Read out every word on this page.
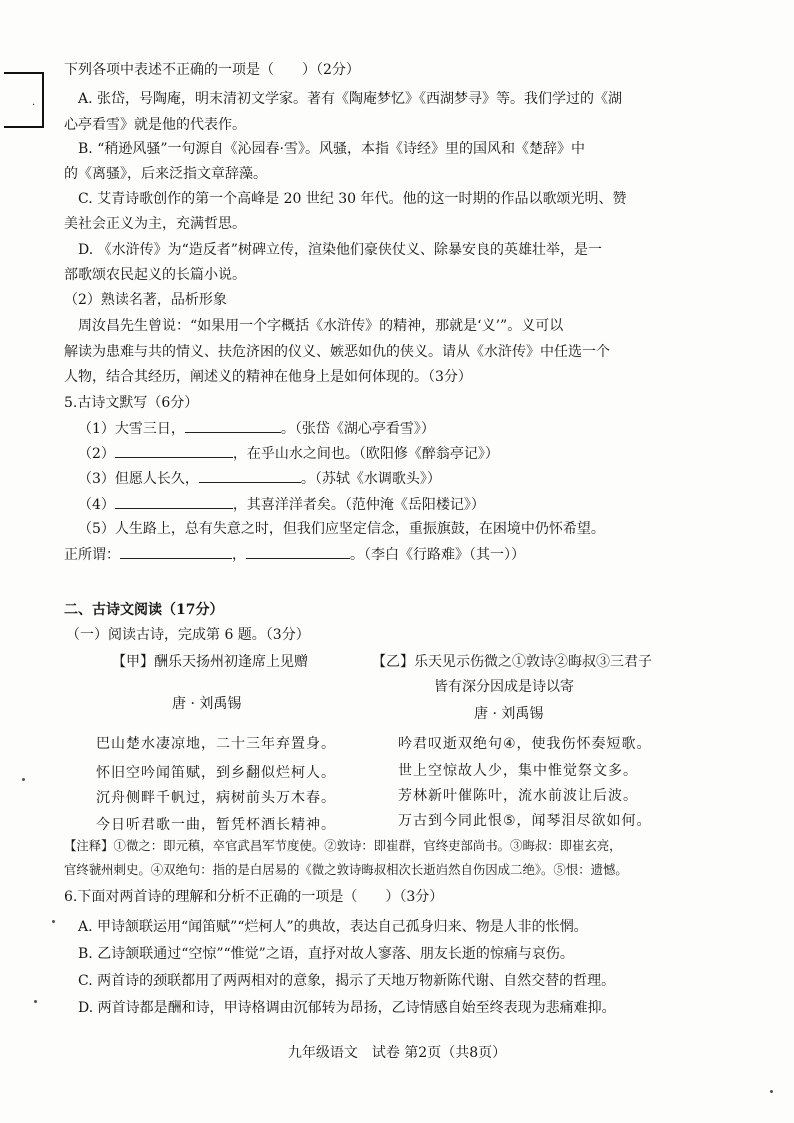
·
下列各项中表述不正确的一项是（　　）（2分）
A. 张岱，号陶庵，明末清初文学家。著有《陶庵梦忆》《西湖梦寻》等。我们学过的《湖
心亭看雪》就是他的代表作。
B. “稍逊风骚”一句源自《沁园春·雪》。风骚，本指《诗经》里的国风和《楚辞》中
的《离骚》，后来泛指文章辞藻。
C. 艾青诗歌创作的第一个高峰是 20 世纪 30 年代。他的这一时期的作品以歌颂光明、赞
美社会正义为主，充满哲思。
D. 《水浒传》为“造反者”树碑立传，渲染他们豪侠仗义、除暴安良的英雄壮举，是一
部歌颂农民起义的长篇小说。
（2）熟读名著，品析形象
周汝昌先生曾说：“如果用一个字概括《水浒传》的精神，那就是‘义’”。义可以
解读为患难与共的情义、扶危济困的仪义、嫉恶如仇的侠义。请从《水浒传》中任选一个
人物，结合其经历，阐述义的精神在他身上是如何体现的。（3分）
5.古诗文默写（6分）
（1）大雪三日，	。（张岱《湖心亭看雪》）
（2）	，在乎山水之间也。（欧阳修《醉翁亭记》）
（3）但愿人长久，	。（苏轼《水调歌头》）
（4）	，其喜洋洋者矣。（范仲淹《岳阳楼记》）
（5）人生路上，总有失意之时，但我们应坚定信念，重振旗鼓，在困境中仍怀希望。
正所谓：	，	。（李白《行路难》（其一））
二、古诗文阅读（17分）
（一）阅读古诗，完成第 6 题。（3分）
【甲】酬乐天扬州初逢席上见赠
唐 · 刘禹锡
巴山楚水凄凉地，二十三年弃置身。
怀旧空吟闻笛赋，到乡翻似烂柯人。
沉舟侧畔千帆过，病树前头万木春。
今日听君歌一曲，暂凭杯酒长精神。
【乙】乐天见示伤微之①敦诗②晦叔③三君子
皆有深分因成是诗以寄
唐 · 刘禹锡
吟君叹逝双绝句④，使我伤怀奏短歌。
世上空惊故人少，集中惟觉祭文多。
芳林新叶催陈叶，流水前波让后波。
万古到今同此恨⑤，闻琴泪尽欲如何。
【注释】①微之：即元稹，卒官武昌军节度使。②敦诗：即崔群，官终吏部尚书。③晦叔：即崔玄亮，
官终虢州刺史。④双绝句：指的是白居易的《微之敦诗晦叔相次长逝岿然自伤因成二绝》。⑤恨：遗憾。
6.下面对两首诗的理解和分析不正确的一项是（　　）（3分）
A. 甲诗颔联运用“闻笛赋”“烂柯人”的典故，表达自己孤身归来、物是人非的怅惘。
B. 乙诗颔联通过“空惊”“惟觉”之语，直抒对故人寥落、朋友长逝的惊痛与哀伤。
C. 两首诗的颈联都用了两两相对的意象，揭示了天地万物新陈代谢、自然交替的哲理。
D. 两首诗都是酬和诗，甲诗格调由沉郁转为昂扬，乙诗情感自始至终表现为悲痛难抑。
九年级语文　试卷 第2页（共8页）
